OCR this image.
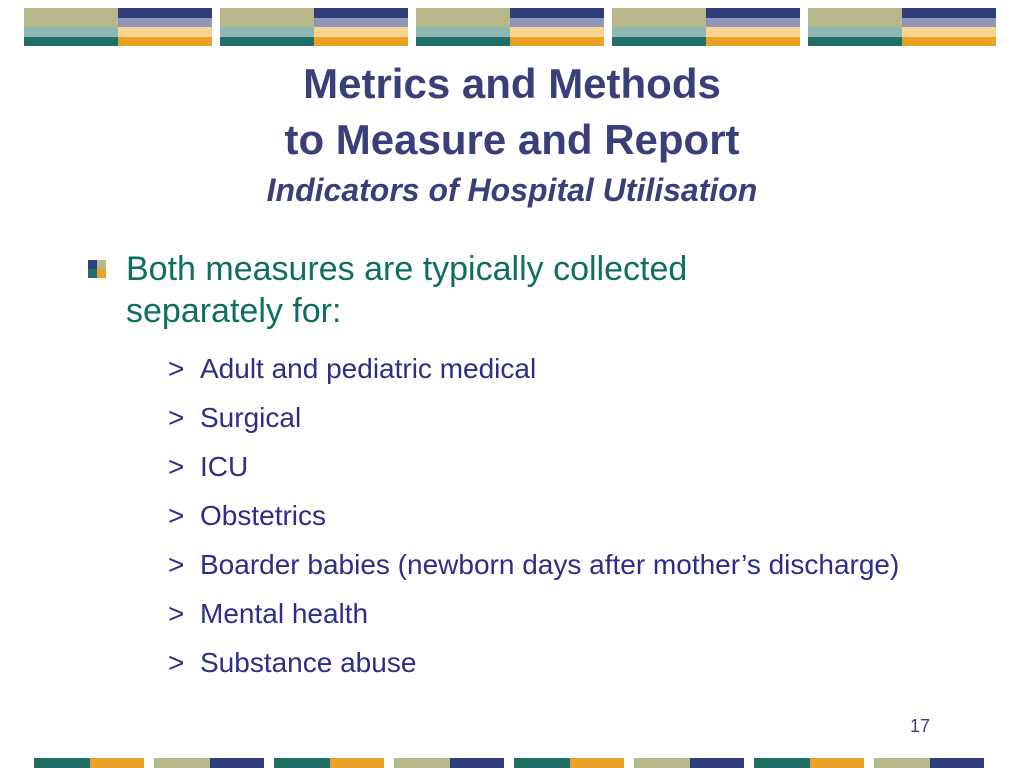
Metrics and Methods
to Measure and Report
Indicators of Hospital Utilisation
Both measures are typically collected separately for:
> Adult and pediatric medical
> Surgical
> ICU
> Obstetrics
> Boarder babies (newborn days after mother’s discharge)
> Mental health
> Substance abuse
17
